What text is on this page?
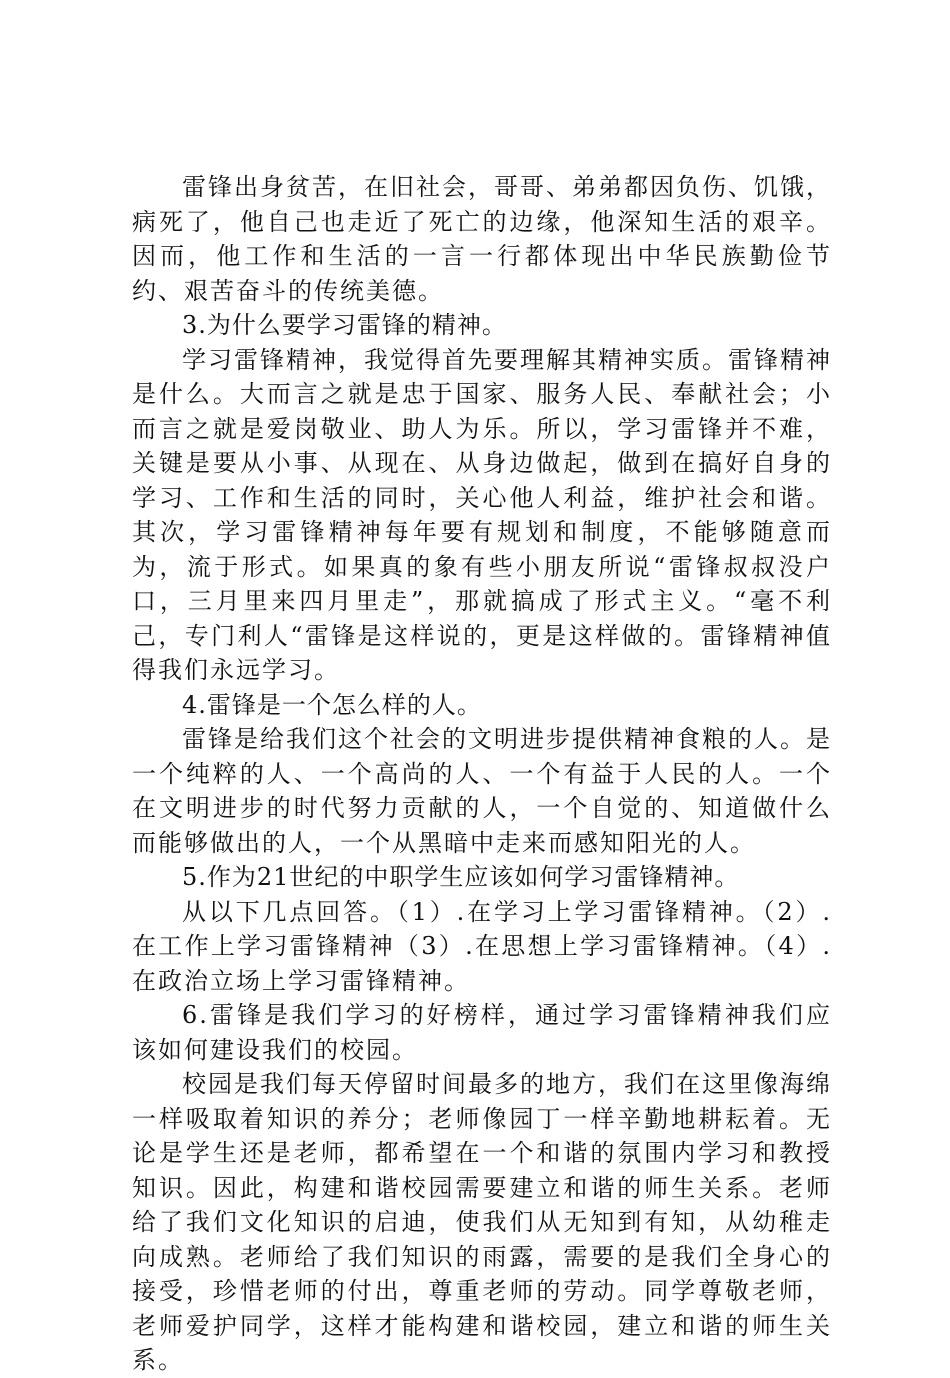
雷锋出身贫苦，在旧社会，哥哥、弟弟都因负伤、饥饿，病死了，他自己也走近了死亡的边缘，他深知生活的艰辛。因而，他工作和生活的一言一行都体现出中华民族勤俭节约、艰苦奋斗的传统美德。

3.为什么要学习雷锋的精神。

学习雷锋精神，我觉得首先要理解其精神实质。雷锋精神是什么。大而言之就是忠于国家、服务人民、奉献社会；小而言之就是爱岗敬业、助人为乐。所以，学习雷锋并不难，关键是要从小事、从现在、从身边做起，做到在搞好自身的学习、工作和生活的同时，关心他人利益，维护社会和谐。其次，学习雷锋精神每年要有规划和制度，不能够随意而为，流于形式。如果真的象有些小朋友所说“雷锋叔叔没户口，三月里来四月里走”，那就搞成了形式主义。“毫不利己，专门利人“雷锋是这样说的，更是这样做的。雷锋精神值得我们永远学习。

4.雷锋是一个怎么样的人。

雷锋是给我们这个社会的文明进步提供精神食粮的人。是一个纯粹的人、一个高尚的人、一个有益于人民的人。一个在文明进步的时代努力贡献的人，一个自觉的、知道做什么而能够做出的人，一个从黑暗中走来而感知阳光的人。

5.作为21世纪的中职学生应该如何学习雷锋精神。

从以下几点回答。（1）.在学习上学习雷锋精神。（2）.在工作上学习雷锋精神（3）.在思想上学习雷锋精神。（4）.在政治立场上学习雷锋精神。

6.雷锋是我们学习的好榜样，通过学习雷锋精神我们应该如何建设我们的校园。

校园是我们每天停留时间最多的地方，我们在这里像海绵一样吸取着知识的养分；老师像园丁一样辛勤地耕耘着。无论是学生还是老师，都希望在一个和谐的氛围内学习和教授知识。因此，构建和谐校园需要建立和谐的师生关系。老师给了我们文化知识的启迪，使我们从无知到有知，从幼稚走向成熟。老师给了我们知识的雨露，需要的是我们全身心的接受，珍惜老师的付出，尊重老师的劳动。同学尊敬老师，老师爱护同学，这样才能构建和谐校园，建立和谐的师生关系。
